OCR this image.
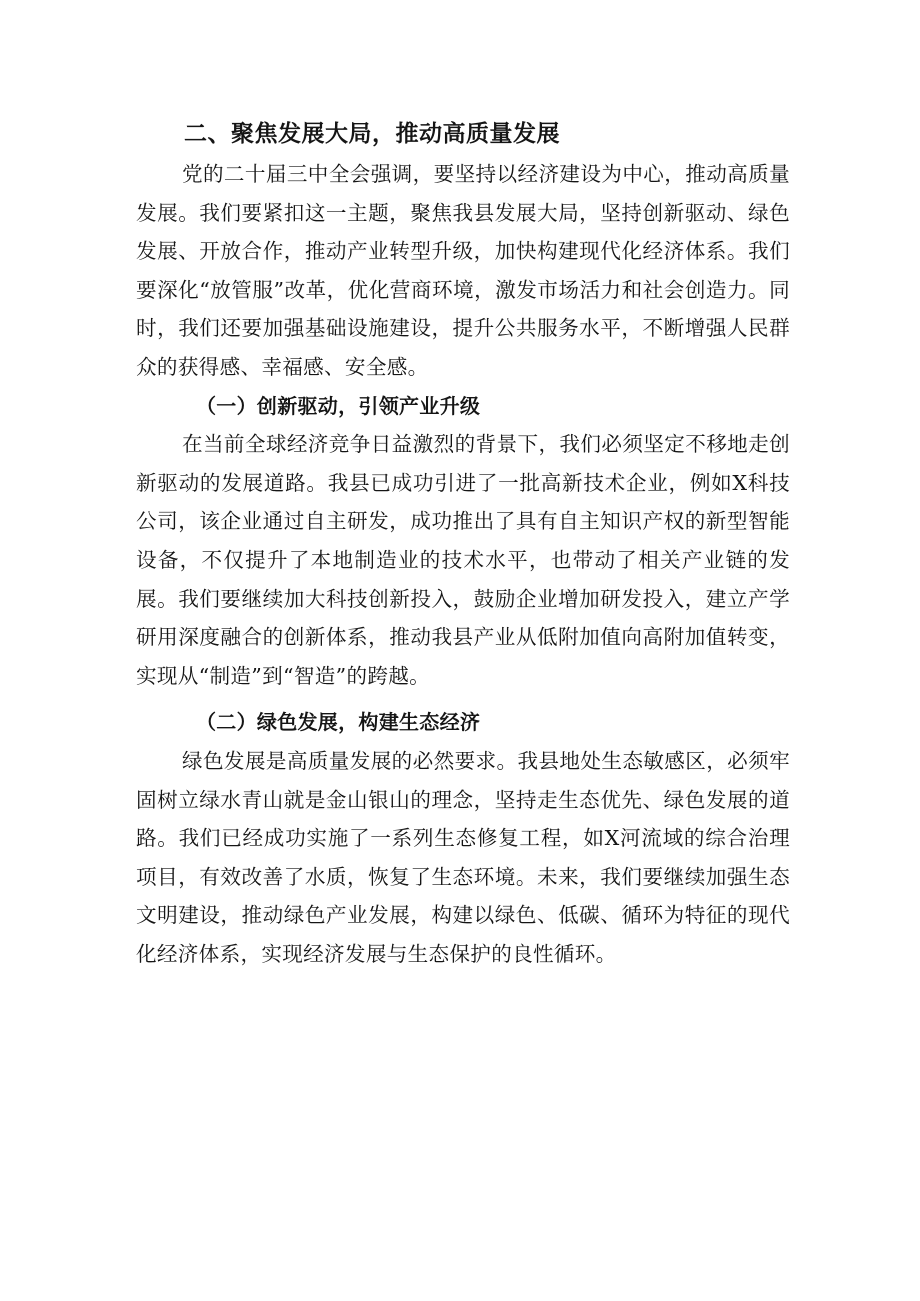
二、聚焦发展大局，推动高质量发展

党的二十届三中全会强调，要坚持以经济建设为中心，推动高质量发展。我们要紧扣这一主题，聚焦我县发展大局，坚持创新驱动、绿色发展、开放合作，推动产业转型升级，加快构建现代化经济体系。我们要深化“放管服”改革，优化营商环境，激发市场活力和社会创造力。同时，我们还要加强基础设施建设，提升公共服务水平，不断增强人民群众的获得感、幸福感、安全感。

（一）创新驱动，引领产业升级

在当前全球经济竞争日益激烈的背景下，我们必须坚定不移地走创新驱动的发展道路。我县已成功引进了一批高新技术企业，例如X科技公司，该企业通过自主研发，成功推出了具有自主知识产权的新型智能设备，不仅提升了本地制造业的技术水平，也带动了相关产业链的发展。我们要继续加大科技创新投入，鼓励企业增加研发投入，建立产学研用深度融合的创新体系，推动我县产业从低附加值向高附加值转变，实现从“制造”到“智造”的跨越。

（二）绿色发展，构建生态经济

绿色发展是高质量发展的必然要求。我县地处生态敏感区，必须牢固树立绿水青山就是金山银山的理念，坚持走生态优先、绿色发展的道路。我们已经成功实施了一系列生态修复工程，如X河流域的综合治理项目，有效改善了水质，恢复了生态环境。未来，我们要继续加强生态文明建设，推动绿色产业发展，构建以绿色、低碳、循环为特征的现代化经济体系，实现经济发展与生态保护的良性循环。
